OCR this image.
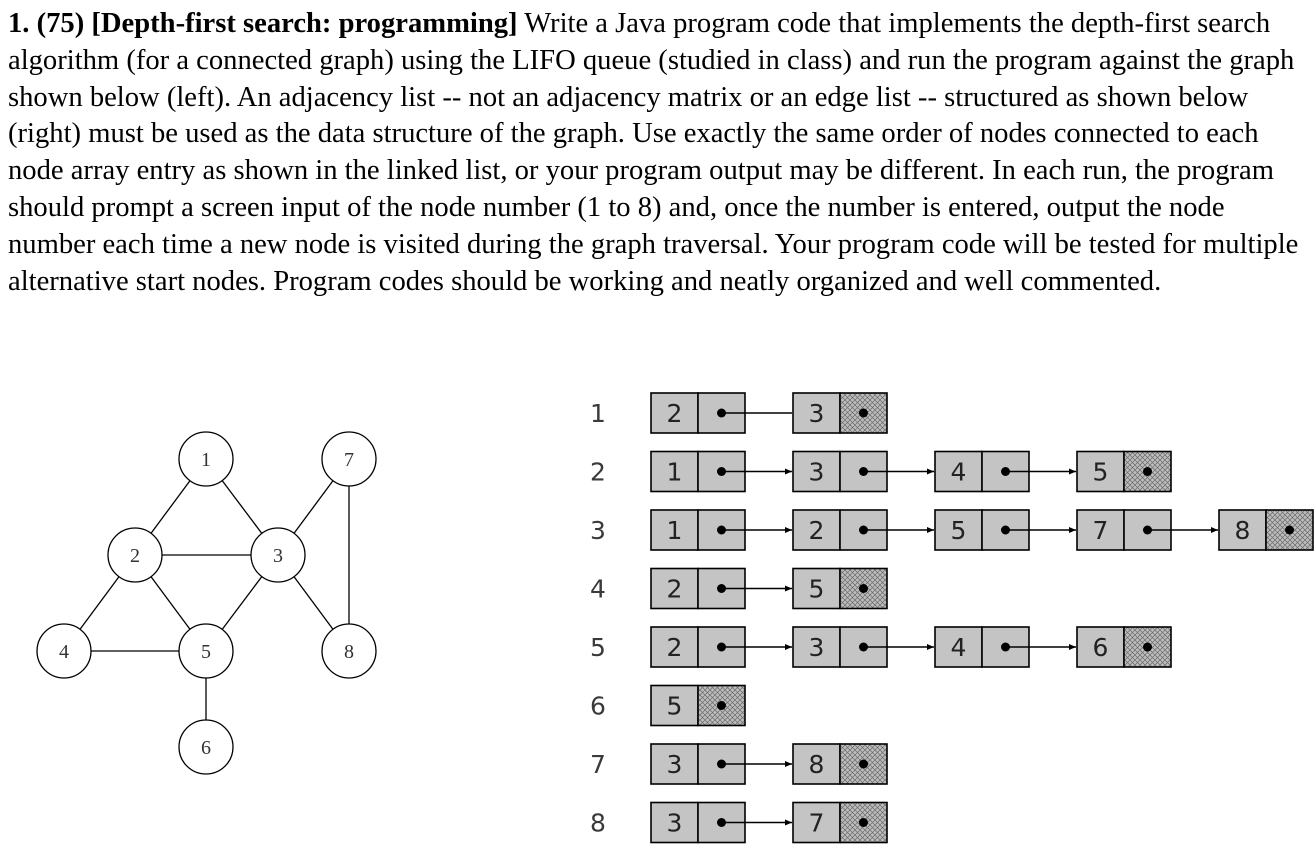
1. (75) [Depth-first search: programming] Write a Java program code that implements the depth-first search algorithm (for a connected graph) using the LIFO queue (studied in class) and run the program against the graph shown below (left). An adjacency list -- not an adjacency matrix or an edge list -- structured as shown below (right) must be used as the data structure of the graph. Use exactly the same order of nodes connected to each node array entry as shown in the linked list, or your program output may be different. In each run, the program should prompt a screen input of the node number (1 to 8) and, once the number is entered, output the node number each time a new node is visited during the graph traversal. Your program code will be tested for multiple alternative start nodes. Program codes should be working and neatly organized and well commented.

1
2	3
4	5
6
7
8
1 2	3
2 1	3	4	5
3 1	2	5	7	8
4 2	5
5 2	3	4	6
6 5
7 3	8
8 3	7
